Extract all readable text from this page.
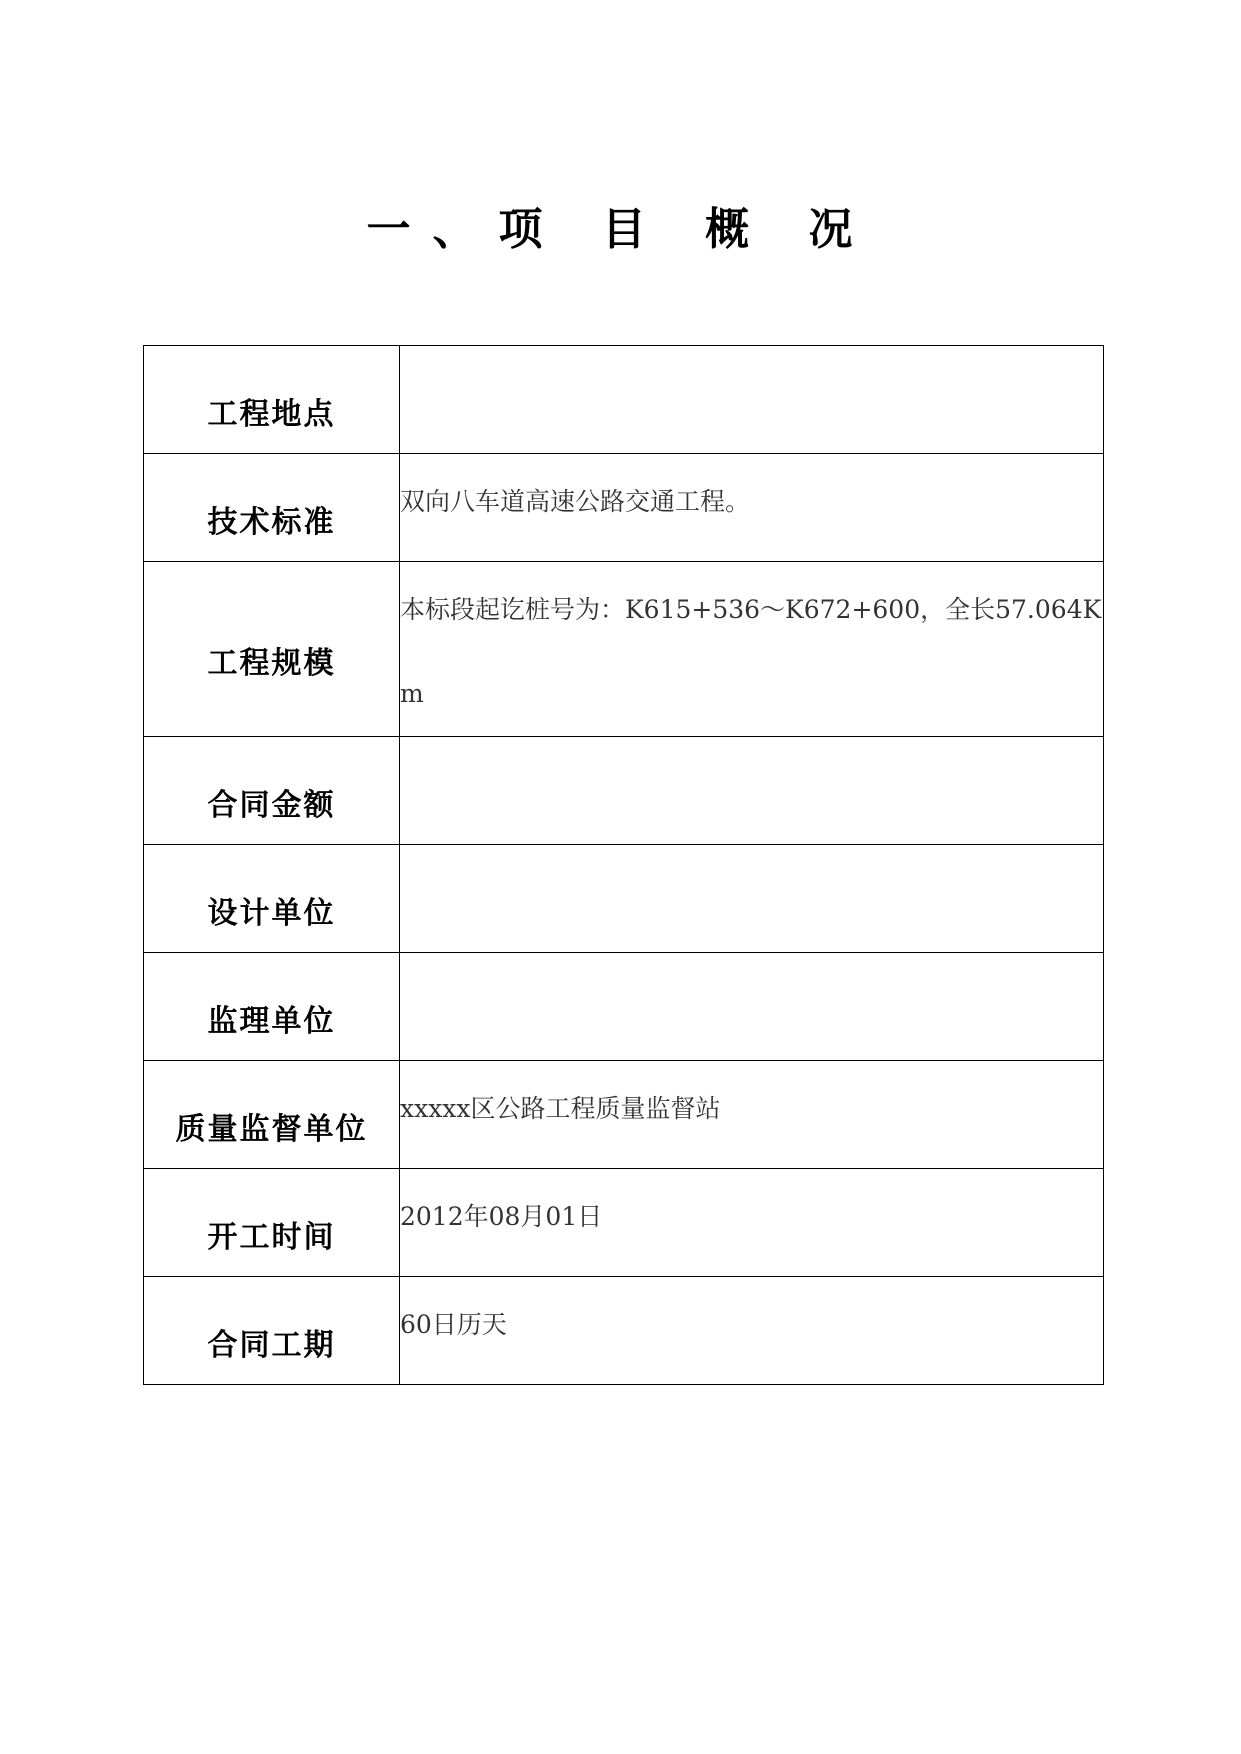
一、项 目 概 况
工程地点	

技术标准	双向八车道高速公路交通工程。

工程规模	本标段起讫桩号为：K615+536～K672+600，全长57.064Km

合同金额	

设计单位	

监理单位	

质量监督单位	xxxxx区公路工程质量监督站

开工时间	2012年08月01日

合同工期	60日历天
